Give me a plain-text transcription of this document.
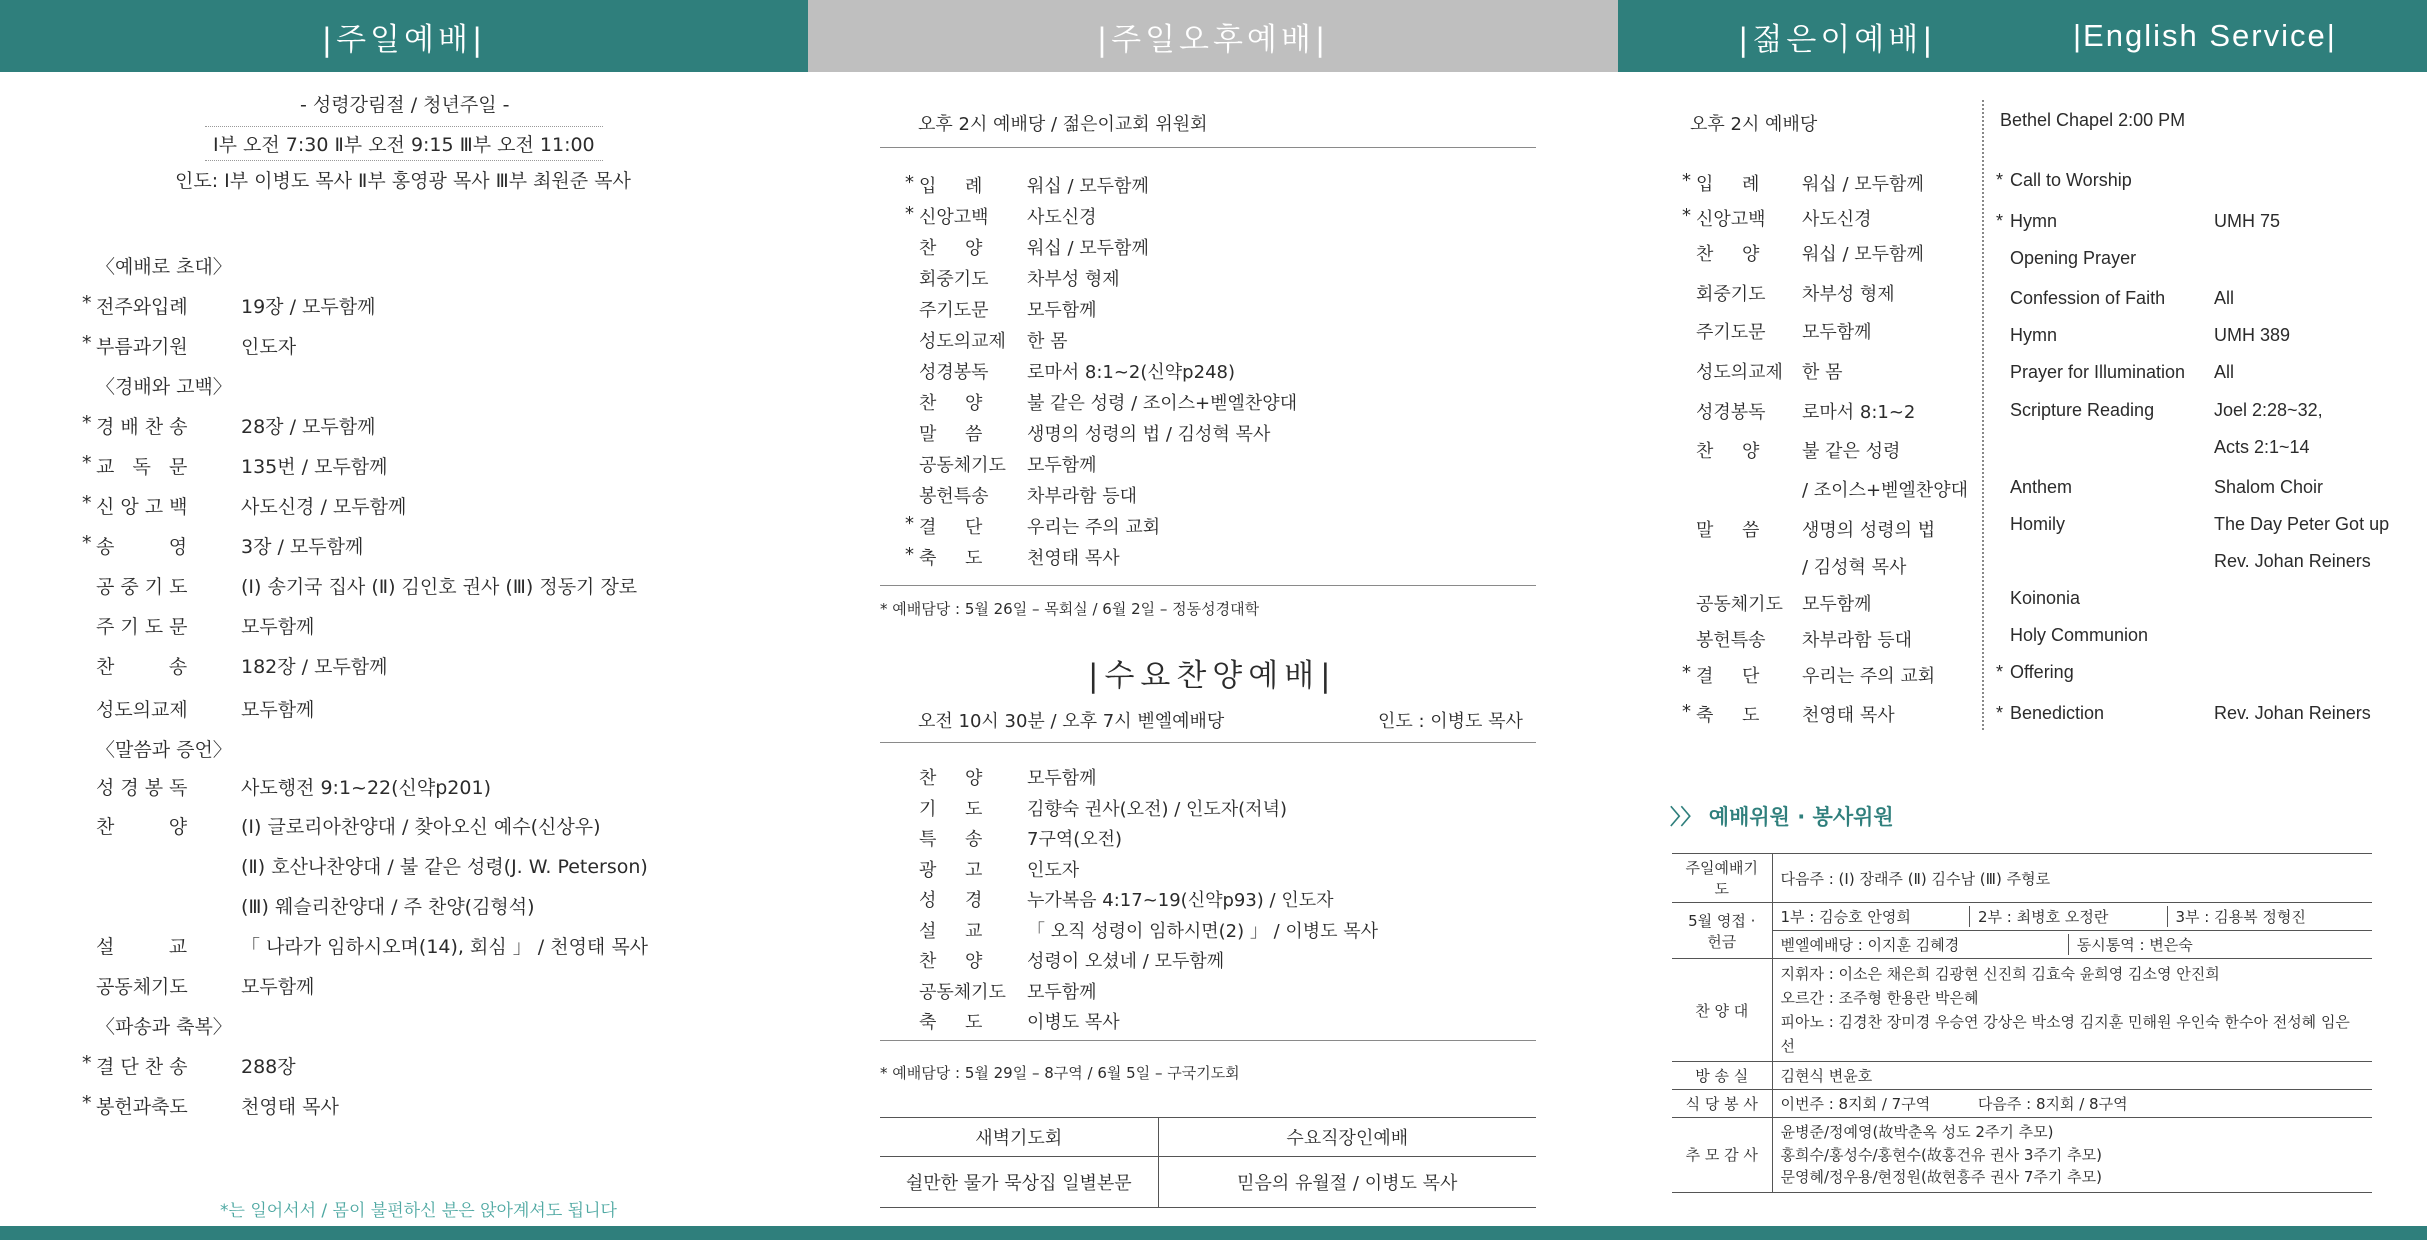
|주일예배|	|주일오후예배|	|젊은이예배|	|English Service|
- 성령강림절 / 청년주일 -
Ⅰ부 오전 7:30 Ⅱ부 오전 9:15 Ⅲ부 오전 11:00
인도: Ⅰ부 이병도 목사 Ⅱ부 홍영광 목사 Ⅲ부 최원준 목사
〈예배로 초대〉
* 전주와입례	19장 / 모두함께
* 부름과기원	인도자
〈경배와 고백〉
* 경 배 찬 송	28장 / 모두함께
* 교   독   문	135번 / 모두함께
* 신 앙 고 백	사도신경 / 모두함께
* 송         영	3장 / 모두함께
공 중 기 도	(Ⅰ) 송기국 집사 (Ⅱ) 김인호 권사 (Ⅲ) 정동기 장로
주 기 도 문	모두함께
찬         송	182장 / 모두함께
성도의교제	모두함께
〈말씀과 증언〉
성 경 봉 독	사도행전 9:1~22(신약p201)
찬         양	(Ⅰ) 글로리아찬양대 / 찾아오신 예수(신상우)
(Ⅱ) 호산나찬양대 / 불 같은 성령(J. W. Peterson)
(Ⅲ) 웨슬리찬양대 / 주 찬양(김형석)
설         교	「 나라가 임하시오며(14), 회심 」 / 천영태 목사
공동체기도	모두함께
〈파송과 축복〉
* 결 단 찬 송	288장
* 봉헌과축도	천영태 목사
*는 일어서서 / 몸이 불편하신 분은 앉아계셔도 됩니다
오후 2시 예배당 / 젊은이교회 위원회
* 입     례	워십 / 모두함께
* 신앙고백	사도신경
찬     양	워십 / 모두함께
회중기도	차부성 형제
주기도문	모두함께
성도의교제	한 몸
성경봉독	로마서 8:1~2(신약p248)
찬     양	불 같은 성령 / 조이스+벧엘찬양대
말     씀	생명의 성령의 법 / 김성혁 목사
공동체기도	모두함께
봉헌특송	차부라함 등대
* 결     단	우리는 주의 교회
* 축     도	천영태 목사
* 예배담당 : 5월 26일 – 목회실 / 6월 2일 – 정동성경대학
|수요찬양예배|
오전 10시 30분 / 오후 7시 벧엘예배당	인도 : 이병도 목사
찬     양	모두함께
기     도	김향숙 권사(오전) / 인도자(저녁)
특     송	7구역(오전)
광     고	인도자
성     경	누가복음 4:17~19(신약p93) / 인도자
설     교	「 오직 성령이 임하시면(2) 」 / 이병도 목사
찬     양	성령이 오셨네 / 모두함께
공동체기도	모두함께
축     도	이병도 목사
* 예배담당 : 5월 29일 – 8구역 / 6월 5일 – 구국기도회
새벽기도회	수요직장인예배
쉴만한 물가 묵상집 일별본문	믿음의 유월절 / 이병도 목사
오후 2시 예배당
* 입     례	워십 / 모두함께
* 신앙고백	사도신경
찬     양	워십 / 모두함께
회중기도	차부성 형제
주기도문	모두함께
성도의교제	한 몸
성경봉독	로마서 8:1~2
찬     양	불 같은 성령
/ 조이스+벧엘찬양대
말     씀	생명의 성령의 법
/ 김성혁 목사
공동체기도	모두함께
봉헌특송	차부라함 등대
* 결     단	우리는 주의 교회
* 축     도	천영태 목사
Bethel Chapel 2:00 PM
* Call to Worship
* Hymn	UMH 75
Opening Prayer
Confession of Faith	All
Hymn	UMH 389
Prayer for Illumination	All
Scripture Reading	Joel 2:28~32,
Acts 2:1~14
Anthem	Shalom Choir
Homily	The Day Peter Got up
Rev. Johan Reiners
Koinonia
Holy Communion
* Offering
* Benediction	Rev. Johan Reiners
〉〉 예배위원 · 봉사위원
주일예배기도	다음주 : (Ⅰ) 장래주 (Ⅱ) 김수남 (Ⅲ) 주형로
5월 영접 · 헌금	1부 : 김승호 안영희 2부 : 최병호 오정란 3부 : 김용복 정형진
벧엘예배당 : 이지훈 김혜경 동시통역 : 변은숙

찬 양 대	지휘자 : 이소은 채은희 김광현 신진희 김효숙 윤희영 김소영 안진희
오르간 : 조주형 한용란 박은혜
피아노 : 김경찬 장미경 우승연 강상은 박소영 김지훈 민해원 우인숙 한수아 전성혜 임은선

방 송 실	김현식 변윤호
식 당 봉 사	이번주 : 8지회 / 7구역          다음주 : 8지회 / 8구역
추 모 감 사	윤병준/정예영(故박춘옥 성도 2주기 추모)
홍희수/홍성수/홍현수(故홍건유 권사 3주기 추모)
문영혜/정우용/현정원(故현흥주 권사 7주기 추모)
